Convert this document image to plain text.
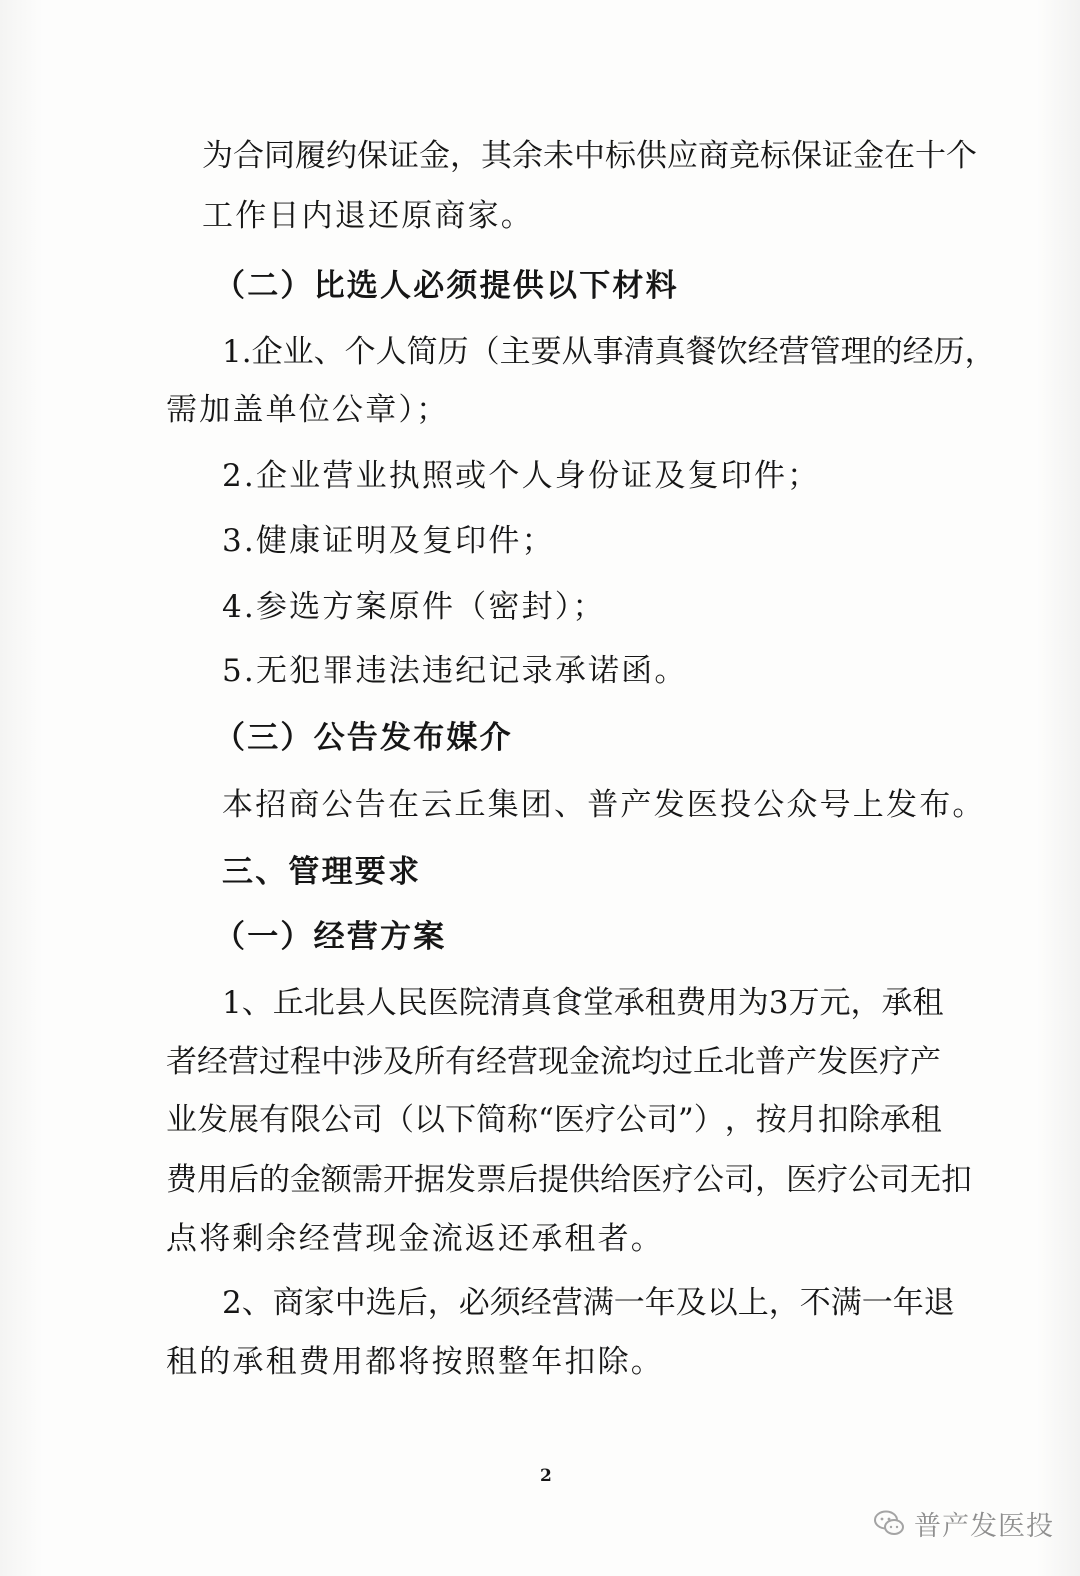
为 合 同 履 约 保 证 金 ， 其 余 未 中 标 供 应 商 竞 标 保 证 金 在 十 个
工作日内退还原商家。
（二）比选人必须提供以下材料
1 . 企 业 、 个 人 简 历 （ 主 要 从 事 清 真 餐 饮 经 营 管 理 的 经 历 ，
需加盖单位公章）；
2.企业营业执照或个人身份证及复印件；
3.健康证明及复印件；
4.参选方案原件（密封）；
5.无犯罪违法违纪记录承诺函。
（三）公告发布媒介
本招商公告在云丘集团、普产发医投公众号上发布。
三、管理要求
（一）经营方案
1 、 丘 北 县 人 民 医 院 清 真 食 堂 承 租 费 用 为 3 万 元 ， 承 租
者 经 营 过 程 中 涉 及 所 有 经 营 现 金 流 均 过 丘 北 普 产 发 医 疗 产
业 发 展 有 限 公 司 （ 以 下 简 称 “ 医 疗 公 司 ” ） ， 按 月 扣 除 承 租
费 用 后 的 金 额 需 开 据 发 票 后 提 供 给 医 疗 公 司 ， 医 疗 公 司 无 扣
点将剩余经营现金流返还承租者。
2 、 商 家 中 选 后 ， 必 须 经 营 满 一 年 及 以 上 ， 不 满 一 年 退
租的承租费用都将按照整年扣除。
2
普产发医投
